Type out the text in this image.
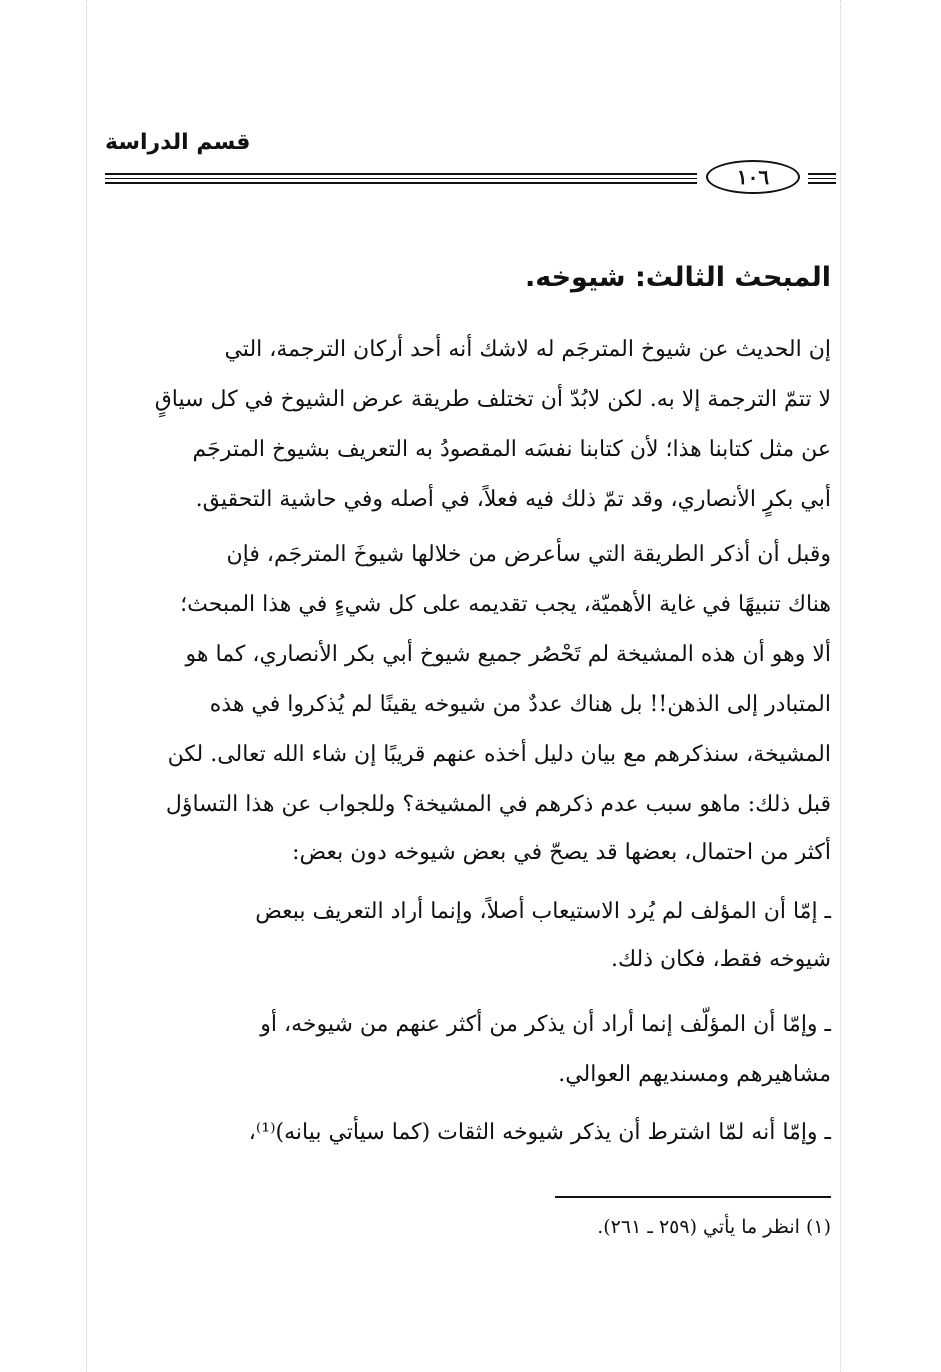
قسم الدراسة
١٠٦
المبحث الثالث: شيوخه.
إن الحديث عن شيوخ المترجَم له لاشك أنه أحد أركان الترجمة، التي
لا تتمّ الترجمة إلا به. لكن لابُدّ أن تختلف طريقة عرض الشيوخ في كل سياقٍ
عن مثل كتابنا هذا؛ لأن كتابنا نفسَه المقصودُ به التعريف بشيوخ المترجَم
أبي بكرٍ الأنصاري، وقد تمّ ذلك فيه فعلاً، في أصله وفي حاشية التحقيق.
وقبل أن أذكر الطريقة التي سأعرض من خلالها شيوخَ المترجَم، فإن
هناك تنبيهًا في غاية الأهميّة، يجب تقديمه على كل شيءٍ في هذا المبحث؛
ألا وهو أن هذه المشيخة لم تَحْصُر جميع شيوخ أبي بكر الأنصاري، كما هو
المتبادر إلى الذهن!! بل هناك عددٌ من شيوخه يقينًا لم يُذكروا في هذه
المشيخة، سنذكرهم مع بيان دليل أخذه عنهم قريبًا إن شاء الله تعالى. لكن
قبل ذلك: ماهو سبب عدم ذكرهم في المشيخة؟ وللجواب عن هذا التساؤل
أكثر من احتمال، بعضها قد يصحّ في بعض شيوخه دون بعض:
ـ إمّا أن المؤلف لم يُرد الاستيعاب أصلاً، وإنما أراد التعريف ببعض
شيوخه فقط، فكان ذلك.
ـ وإمّا أن المؤلّف إنما أراد أن يذكر من أكثر عنهم من شيوخه، أو
مشاهيرهم ومسنديهم العوالي.
ـ وإمّا أنه لمّا اشترط أن يذكر شيوخه الثقات (كما سيأتي بيانه)⁽¹⁾،
(١) انظر ما يأتي (٢٥٩ ـ ٢٦١).
